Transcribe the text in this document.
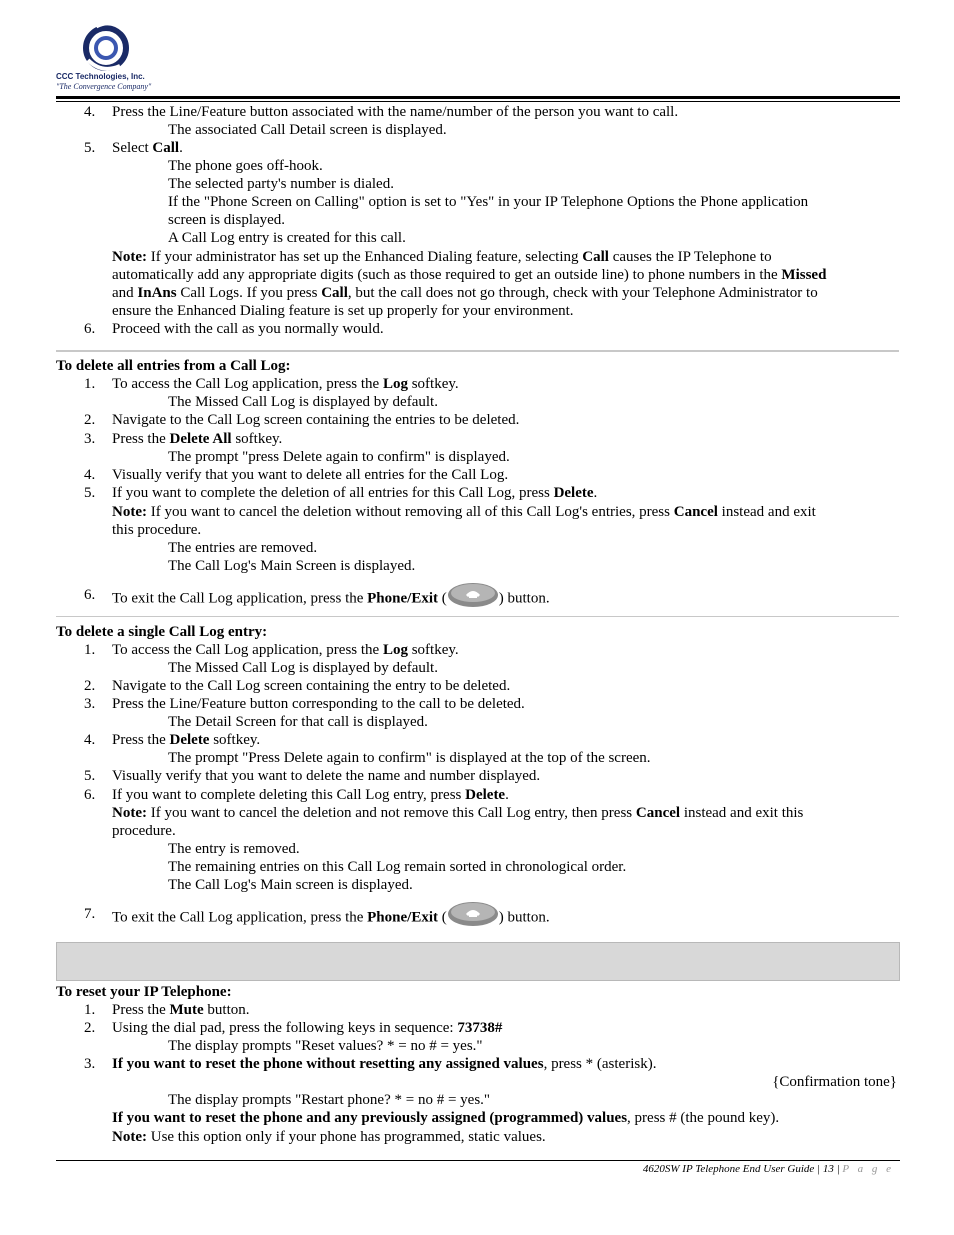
CCC Technologies, Inc.
"The Convergence Company"
4. Press the Line/Feature button associated with the name/number of the person you want to call.
The associated Call Detail screen is displayed.
5. Select Call.
The phone goes off-hook.
The selected party's number is dialed.
If the "Phone Screen on Calling" option is set to "Yes" in your IP Telephone Options the Phone application
screen is displayed.
A Call Log entry is created for this call.
Note: If your administrator has set up the Enhanced Dialing feature, selecting Call causes the IP Telephone to
automatically add any appropriate digits (such as those required to get an outside line) to phone numbers in the Missed
and InAns Call Logs. If you press Call, but the call does not go through, check with your Telephone Administrator to
ensure the Enhanced Dialing feature is set up properly for your environment.
6. Proceed with the call as you normally would.
To delete all entries from a Call Log:
1. To access the Call Log application, press the Log softkey.
The Missed Call Log is displayed by default.
2. Navigate to the Call Log screen containing the entries to be deleted.
3. Press the Delete All softkey.
The prompt "press Delete again to confirm" is displayed.
4. Visually verify that you want to delete all entries for the Call Log.
5. If you want to complete the deletion of all entries for this Call Log, press Delete.
Note: If you want to cancel the deletion without removing all of this Call Log's entries, press Cancel instead and exit
this procedure.
The entries are removed.
The Call Log's Main Screen is displayed.
6. To exit the Call Log application, press the Phone/Exit (	) button.
To delete a single Call Log entry:
1. To access the Call Log application, press the Log softkey.
The Missed Call Log is displayed by default.
2. Navigate to the Call Log screen containing the entry to be deleted.
3. Press the Line/Feature button corresponding to the call to be deleted.
The Detail Screen for that call is displayed.
4. Press the Delete softkey.
The prompt "Press Delete again to confirm" is displayed at the top of the screen.
5. Visually verify that you want to delete the name and number displayed.
6. If you want to complete deleting this Call Log entry, press Delete.
Note: If you want to cancel the deletion and not remove this Call Log entry, then press Cancel instead and exit this
procedure.
The entry is removed.
The remaining entries on this Call Log remain sorted in chronological order.
The Call Log's Main screen is displayed.
7. To exit the Call Log application, press the Phone/Exit (	) button.
To reset your IP Telephone:
1. Press the Mute button.
2. Using the dial pad, press the following keys in sequence: 73738#
The display prompts "Reset values? * = no # = yes."
3. If you want to reset the phone without resetting any assigned values, press * (asterisk).
{Confirmation tone}
The display prompts "Restart phone? * = no # = yes."
If you want to reset the phone and any previously assigned (programmed) values, press # (the pound key).
Note: Use this option only if your phone has programmed, static values.
4620SW IP Telephone End User Guide | 13 | P a g e
